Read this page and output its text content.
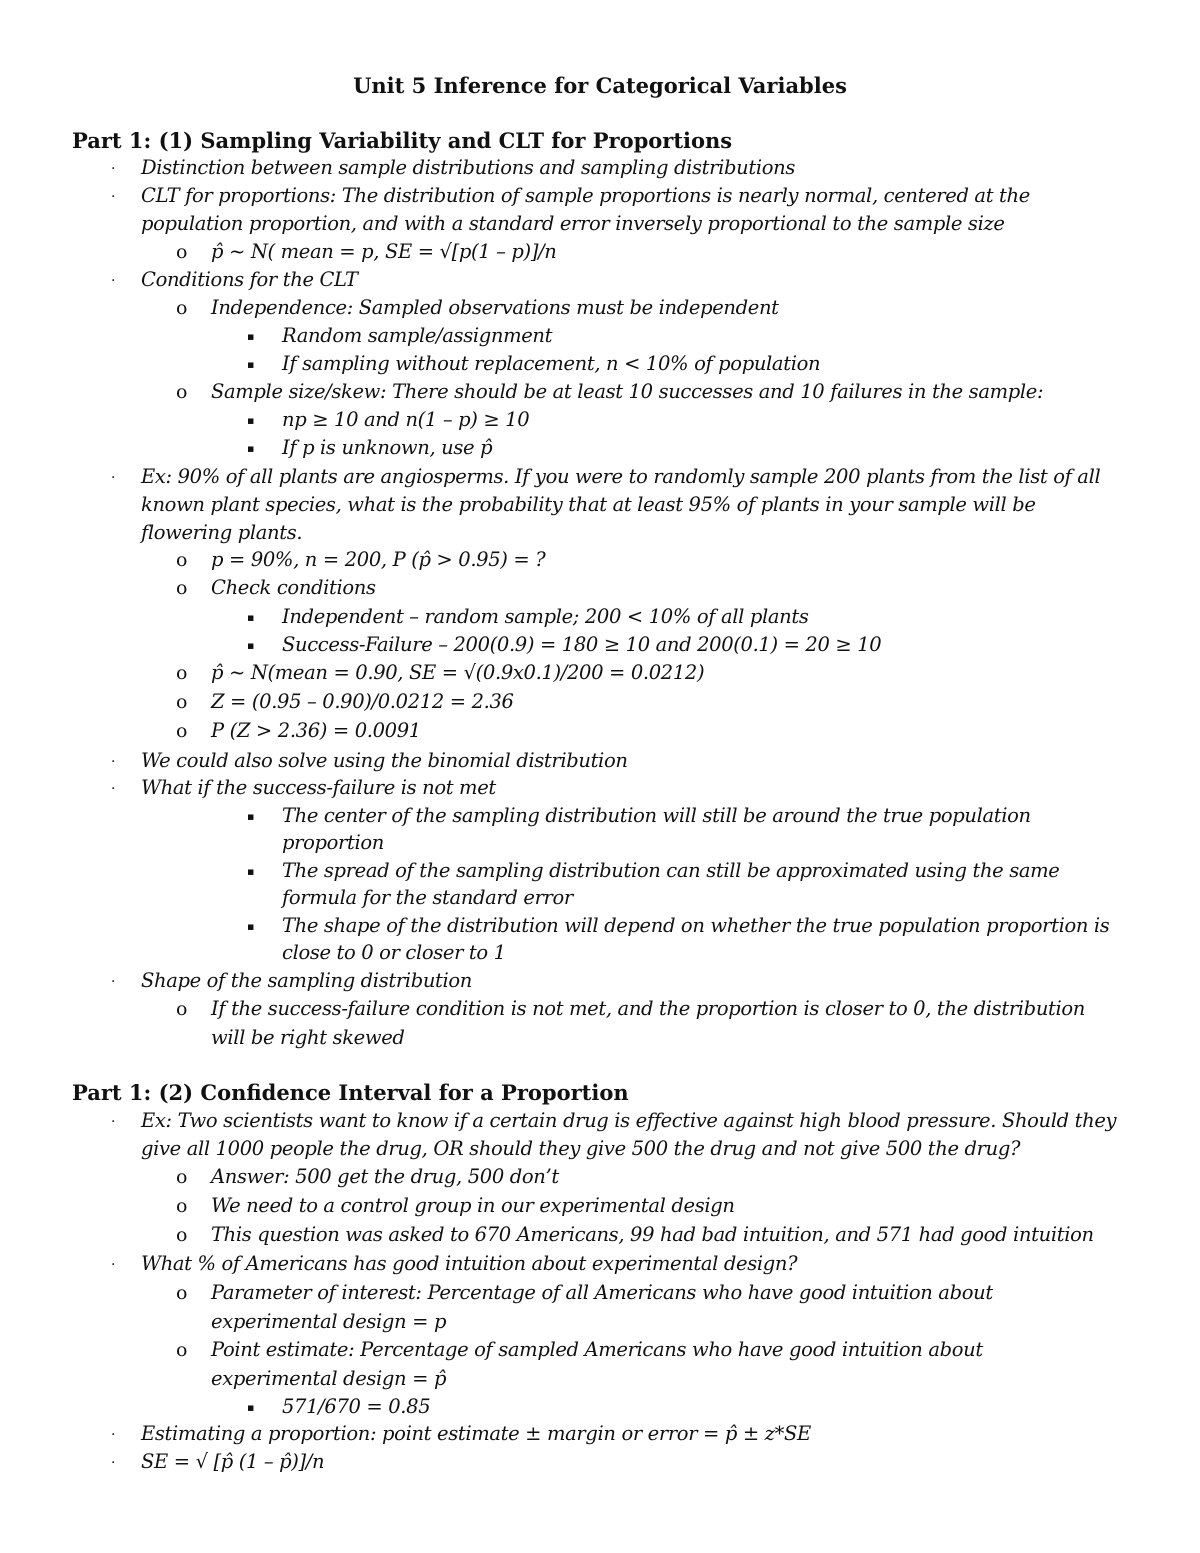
Unit 5 Inference for Categorical Variables
Part 1: (1) Sampling Variability and CLT for Proportions
· Distinction between sample distributions and sampling distributions
· CLT for proportions: The distribution of sample proportions is nearly normal, centered at the
population proportion, and with a standard error inversely proportional to the sample size
o p̂ ~ N( mean = p, SE = √[p(1 – p)]/n
· Conditions for the CLT
o Independence: Sampled observations must be independent
▪ Random sample/assignment
▪ If sampling without replacement, n < 10% of population
o Sample size/skew: There should be at least 10 successes and 10 failures in the sample:
▪ np ≥ 10 and n(1 – p) ≥ 10
▪ If p is unknown, use p̂
· Ex: 90% of all plants are angiosperms. If you were to randomly sample 200 plants from the list of all
known plant species, what is the probability that at least 95% of plants in your sample will be
flowering plants.
o p = 90%, n = 200, P (p̂ > 0.95) = ?
o Check conditions
▪ Independent – random sample; 200 < 10% of all plants
▪ Success-Failure – 200(0.9) = 180 ≥ 10 and 200(0.1) = 20 ≥ 10
o p̂ ~ N(mean = 0.90, SE = √(0.9x0.1)/200 = 0.0212)
o Z = (0.95 – 0.90)/0.0212 = 2.36
o P (Z > 2.36) = 0.0091
· We could also solve using the binomial distribution
· What if the success-failure is not met
▪ The center of the sampling distribution will still be around the true population
proportion
▪ The spread of the sampling distribution can still be approximated using the same
formula for the standard error
▪ The shape of the distribution will depend on whether the true population proportion is
close to 0 or closer to 1
· Shape of the sampling distribution
o If the success-failure condition is not met, and the proportion is closer to 0, the distribution
will be right skewed
Part 1: (2) Confidence Interval for a Proportion
· Ex: Two scientists want to know if a certain drug is effective against high blood pressure. Should they
give all 1000 people the drug, OR should they give 500 the drug and not give 500 the drug?
o Answer: 500 get the drug, 500 don’t
o We need to a control group in our experimental design
o This question was asked to 670 Americans, 99 had bad intuition, and 571 had good intuition
· What % of Americans has good intuition about experimental design?
o Parameter of interest: Percentage of all Americans who have good intuition about
experimental design = p
o Point estimate: Percentage of sampled Americans who have good intuition about
experimental design = p̂
▪ 571/670 = 0.85
· Estimating a proportion: point estimate ± margin or error = p̂ ± z*SE
· SE = √ [p̂ (1 – p̂)]/n
